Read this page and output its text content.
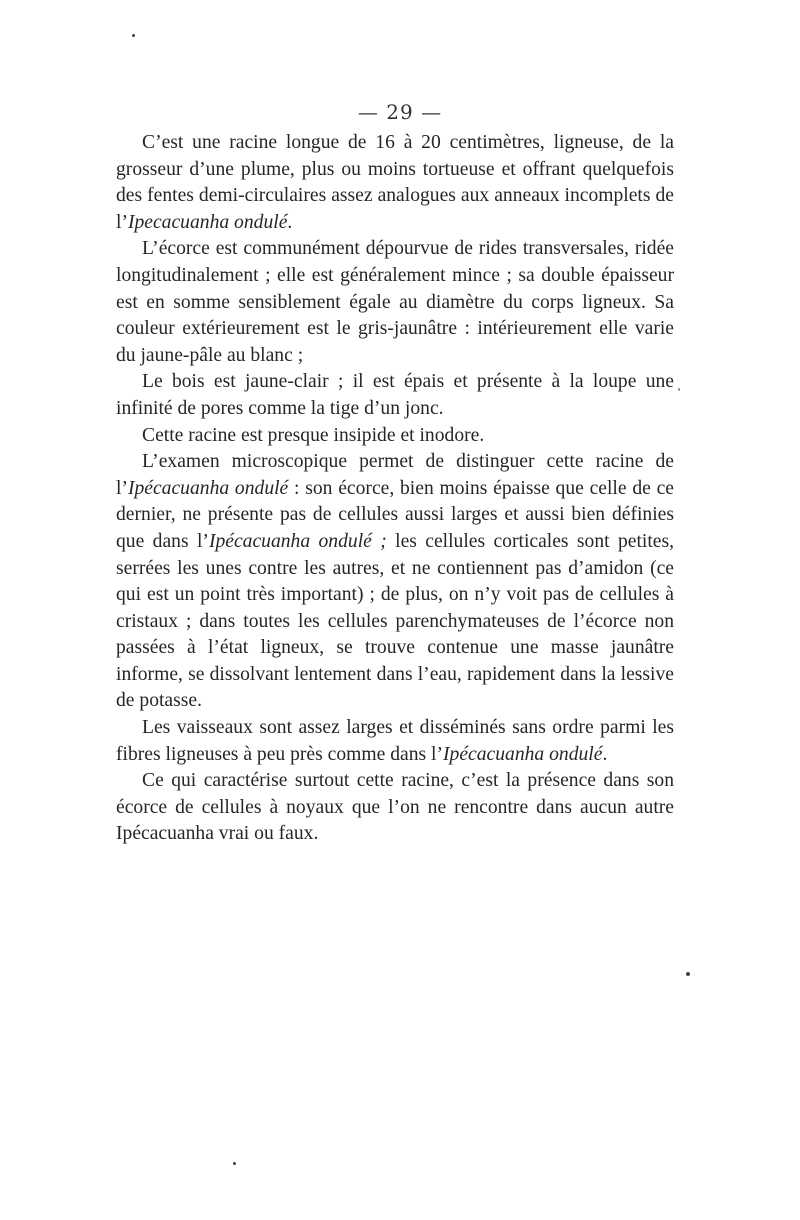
— 29 —

C’est une racine longue de 16 à 20 centimètres, ligneuse, de la grosseur d’une plume, plus ou moins tortueuse et offrant quelquefois des fentes demi-circulaires assez analogues aux anneaux incomplets de l’Ipecacuanha ondulé.

L’écorce est communément dépourvue de rides transversales, ridée longitudinalement ; elle est généralement mince ; sa double épaisseur est en somme sensiblement égale au diamètre du corps ligneux. Sa couleur extérieurement est le gris-jaunâtre : intérieurement elle varie du jaune-pâle au blanc ;

Le bois est jaune-clair ; il est épais et présente à la loupe une infinité de pores comme la tige d’un jonc.

Cette racine est presque insipide et inodore.

L’examen microscopique permet de distinguer cette racine de l’Ipécacuanha ondulé : son écorce, bien moins épaisse que celle de ce dernier, ne présente pas de cellules aussi larges et aussi bien définies que dans l’Ipécacuanha ondulé ; les cellules corticales sont petites, serrées les unes contre les autres, et ne contiennent pas d’amidon (ce qui est un point très important) ; de plus, on n’y voit pas de cellules à cristaux ; dans toutes les cellules parenchymateuses de l’écorce non passées à l’état ligneux, se trouve contenue une masse jaunâtre informe, se dissolvant lentement dans l’eau, rapidement dans la lessive de potasse.

Les vaisseaux sont assez larges et disséminés sans ordre parmi les fibres ligneuses à peu près comme dans l’Ipécacuanha ondulé.

Ce qui caractérise surtout cette racine, c’est la présence dans son écorce de cellules à noyaux que l’on ne rencontre dans aucun autre Ipécacuanha vrai ou faux.
